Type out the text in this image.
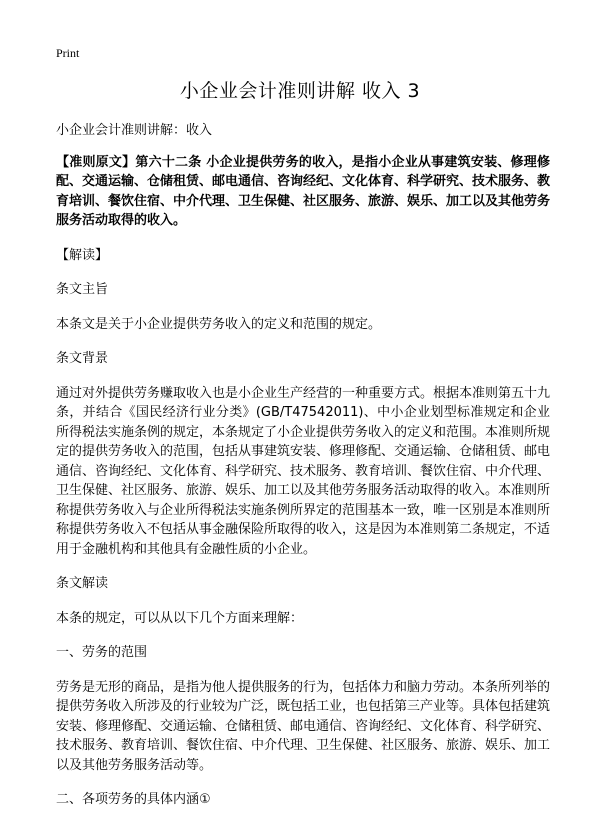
Print
小企业会计准则讲解 收入 3

小企业会计准则讲解：收入

【准则原文】第六十二条 小企业提供劳务的收入，是指小企业从事建筑安装、修理修配、交通运输、仓储租赁、邮电通信、咨询经纪、文化体育、科学研究、技术服务、教育培训、餐饮住宿、中介代理、卫生保健、社区服务、旅游、娱乐、加工以及其他劳务服务活动取得的收入。

【解读】

条文主旨

本条文是关于小企业提供劳务收入的定义和范围的规定。

条文背景

通过对外提供劳务赚取收入也是小企业生产经营的一种重要方式。根据本准则第五十九条，并结合《国民经济行业分类》(GB/T47542011)、中小企业划型标准规定和企业所得税法实施条例的规定，本条规定了小企业提供劳务收入的定义和范围。本准则所规定的提供劳务收入的范围，包括从事建筑安装、修理修配、交通运输、仓储租赁、邮电通信、咨询经纪、文化体育、科学研究、技术服务、教育培训、餐饮住宿、中介代理、卫生保健、社区服务、旅游、娱乐、加工以及其他劳务服务活动取得的收入。本准则所称提供劳务收入与企业所得税法实施条例所界定的范围基本一致，唯一区别是本准则所称提供劳务收入不包括从事金融保险所取得的收入，这是因为本准则第二条规定，不适用于金融机构和其他具有金融性质的小企业。

条文解读

本条的规定，可以从以下几个方面来理解：

一、劳务的范围

劳务是无形的商品，是指为他人提供服务的行为，包括体力和脑力劳动。本条所列举的提供劳务收入所涉及的行业较为广泛，既包括工业，也包括第三产业等。具体包括建筑安装、修理修配、交通运输、仓储租赁、邮电通信、咨询经纪、文化体育、科学研究、技术服务、教育培训、餐饮住宿、中介代理、卫生保健、社区服务、旅游、娱乐、加工以及其他劳务服务活动等。

二、各项劳务的具体内涵①
